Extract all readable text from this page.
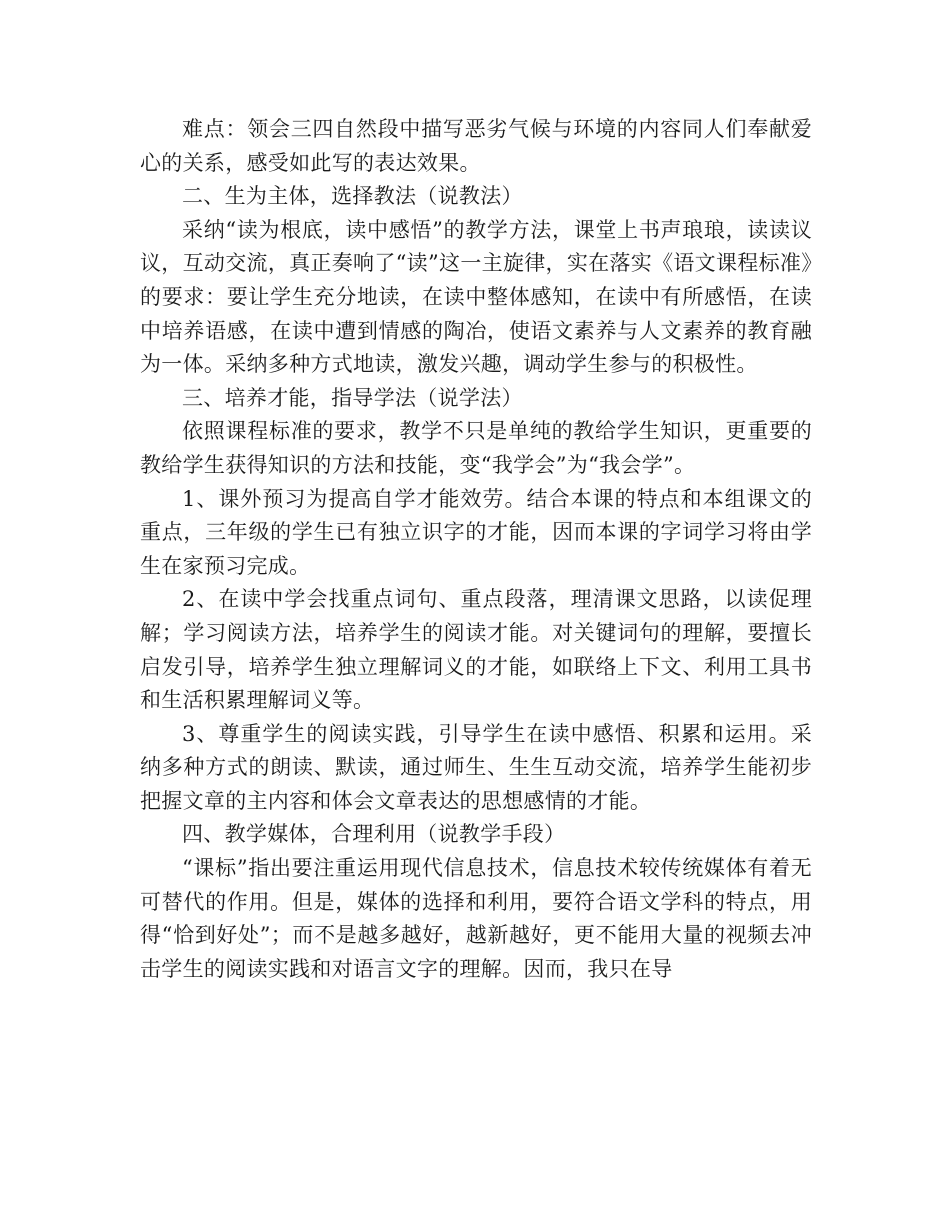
难点：领会三四自然段中描写恶劣气候与环境的内容同人们奉献爱心的关系，感受如此写的表达效果。

二、生为主体，选择教法（说教法）

采纳“读为根底，读中感悟”的教学方法，课堂上书声琅琅，读读议议，互动交流，真正奏响了“读”这一主旋律，实在落实《语文课程标准》的要求：要让学生充分地读，在读中整体感知，在读中有所感悟，在读中培养语感，在读中遭到情感的陶冶，使语文素养与人文素养的教育融为一体。采纳多种方式地读，激发兴趣，调动学生参与的积极性。

三、培养才能，指导学法（说学法）

依照课程标准的要求，教学不只是单纯的教给学生知识，更重要的教给学生获得知识的方法和技能，变“我学会”为“我会学”。

1、课外预习为提高自学才能效劳。结合本课的特点和本组课文的重点，三年级的学生已有独立识字的才能，因而本课的字词学习将由学生在家预习完成。

2、在读中学会找重点词句、重点段落，理清课文思路，以读促理解；学习阅读方法，培养学生的阅读才能。对关键词句的理解，要擅长启发引导，培养学生独立理解词义的才能，如联络上下文、利用工具书和生活积累理解词义等。

3、尊重学生的阅读实践，引导学生在读中感悟、积累和运用。采纳多种方式的朗读、默读，通过师生、生生互动交流，培养学生能初步把握文章的主内容和体会文章表达的思想感情的才能。

四、教学媒体，合理利用（说教学手段）

“课标”指出要注重运用现代信息技术，信息技术较传统媒体有着无可替代的作用。但是，媒体的选择和利用，要符合语文学科的特点，用得“恰到好处”；而不是越多越好，越新越好，更不能用大量的视频去冲击学生的阅读实践和对语言文字的理解。因而，我只在导
